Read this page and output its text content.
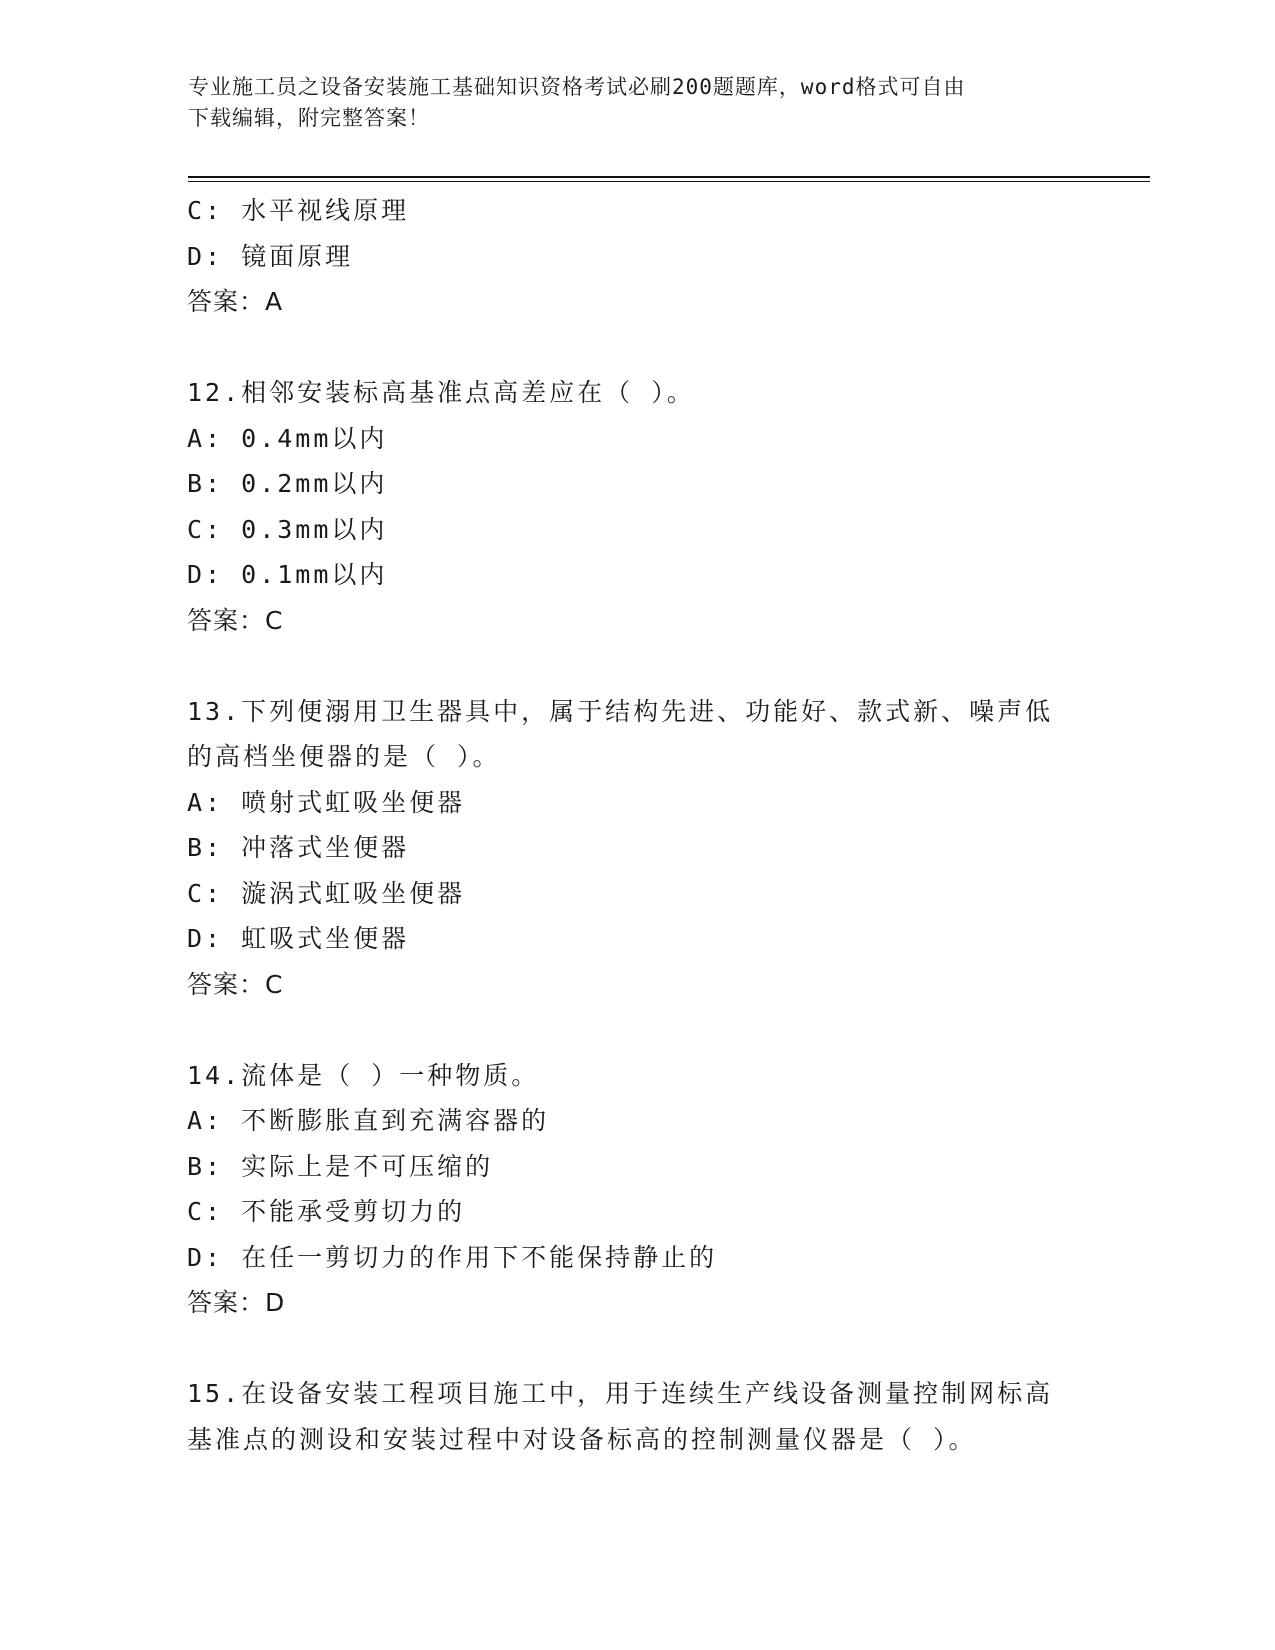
专业施工员之设备安装施工基础知识资格考试必刷200题题库，word格式可自由
下载编辑，附完整答案！
C: 水平视线原理
D: 镜面原理
答案：A
12.相邻安装标高基准点高差应在（ ）。
A: 0.4mm以内
B: 0.2mm以内
C: 0.3mm以内
D: 0.1mm以内
答案：C
13.下列便溺用卫生器具中，属于结构先进、功能好、款式新、噪声低
的高档坐便器的是（ ）。
A: 喷射式虹吸坐便器
B: 冲落式坐便器
C: 漩涡式虹吸坐便器
D: 虹吸式坐便器
答案：C
14.流体是（ ）一种物质。
A: 不断膨胀直到充满容器的
B: 实际上是不可压缩的
C: 不能承受剪切力的
D: 在任一剪切力的作用下不能保持静止的
答案：D
15.在设备安装工程项目施工中，用于连续生产线设备测量控制网标高
基准点的测设和安装过程中对设备标高的控制测量仪器是（ ）。
